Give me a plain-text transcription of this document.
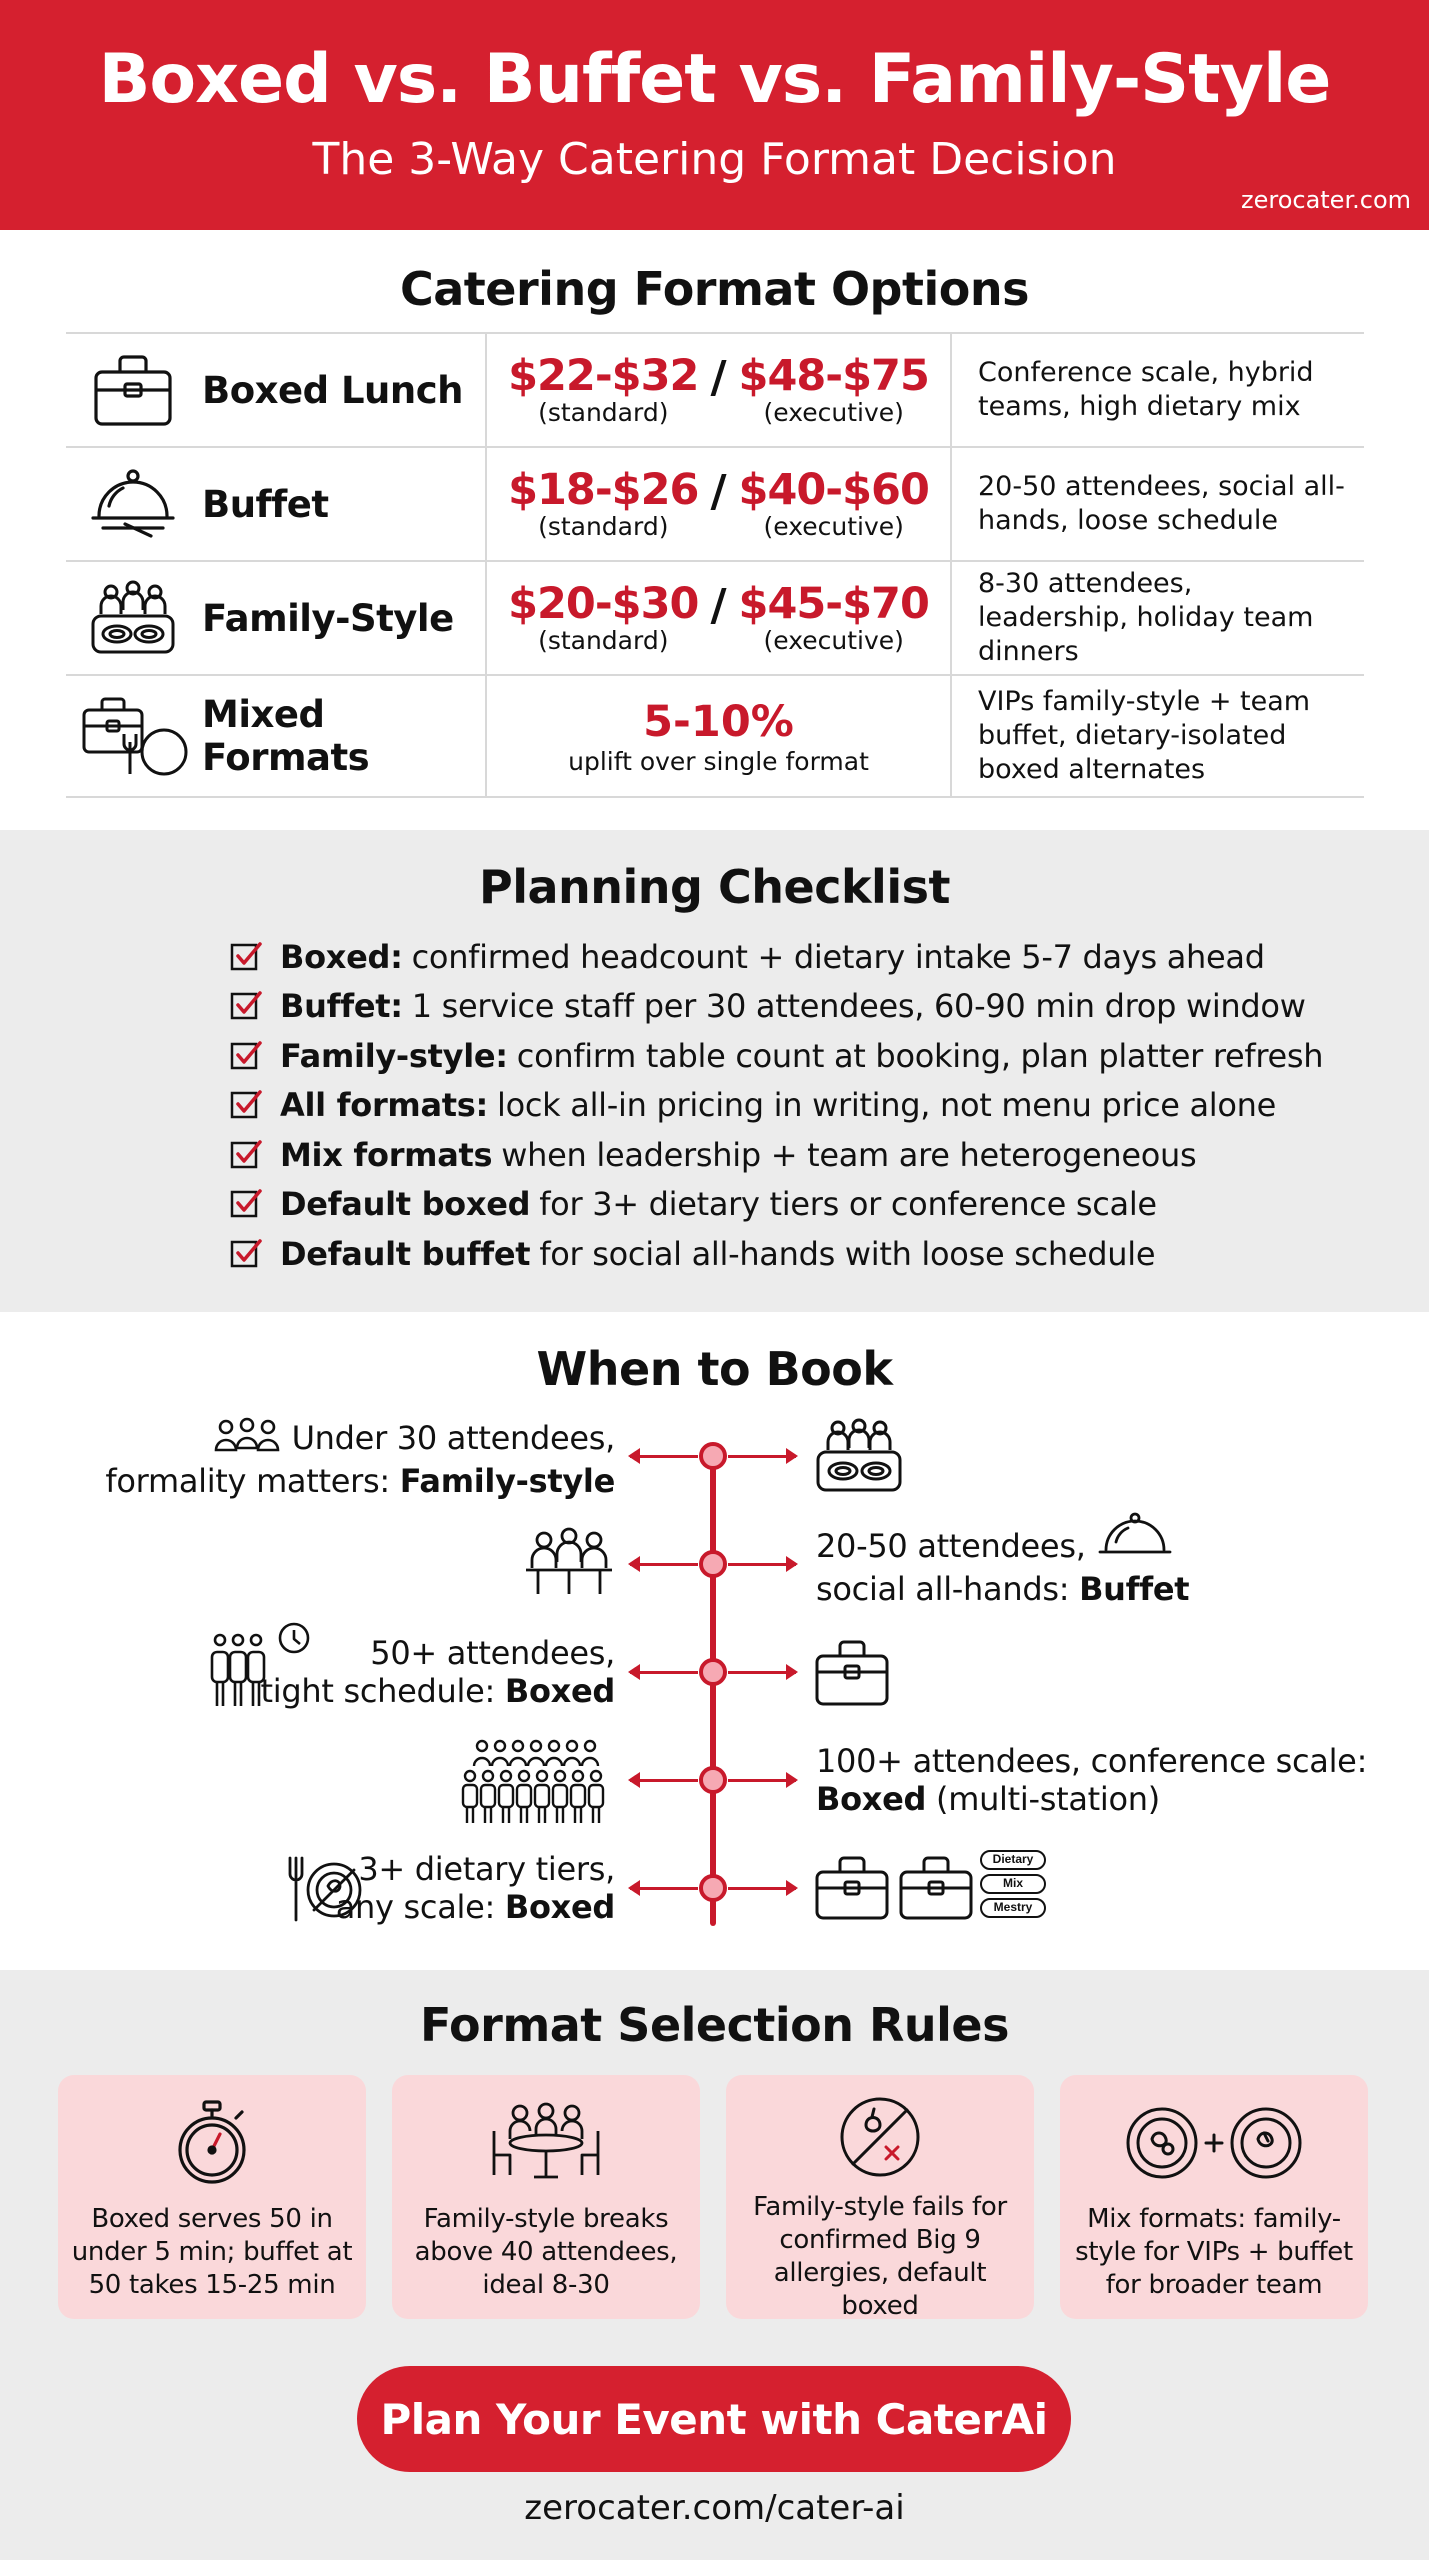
Boxed vs. Buffet vs. Family-Style
The 3-Way Catering Format Decision
zerocater.com
Catering Format Options
Boxed Lunch $22-$32
(standard)
/ $48-$75
(executive)
Conference scale, hybrid teams, high dietary mix
Buffet	$18-$26
(standard)
/ $40-$60
(executive)
20-50 attendees, social all-hands, loose schedule
Family-Style $20-$30
(standard)
/ $45-$70
(executive)
8-30 attendees, leadership, holiday team dinners
Mixed Formats
5-10%
uplift over single format
VIPs family-style + team buffet, dietary-isolated boxed alternates
Planning Checklist
Boxed: confirmed headcount + dietary intake 5-7 days ahead
Buffet: 1 service staff per 30 attendees, 60-90 min drop window
Family-style: confirm table count at booking, plan platter refresh
All formats: lock all-in pricing in writing, not menu price alone
Mix formats when leadership + team are heterogeneous
Default boxed for 3+ dietary tiers or conference scale
Default buffet for social all-hands with loose schedule
When to Book
Under 30 attendees,
formality matters: Family-style
20-50 attendees,
social all-hands: Buffet
50+ attendees,
tight schedule: Boxed
100+ attendees, conference scale:
Boxed (multi-station)
3+ dietary tiers,
any scale: Boxed
Dietary
Mix
Mestry
Format Selection Rules
Boxed serves 50 in under 5 min; buffet at 50 takes 15-25 min
Family-style breaks above 40 attendees, ideal 8-30
Family-style fails for confirmed Big 9 allergies, default boxed
Mix formats: family-style for VIPs + buffet for broader team
Plan Your Event with CaterAi
zerocater.com/cater-ai
